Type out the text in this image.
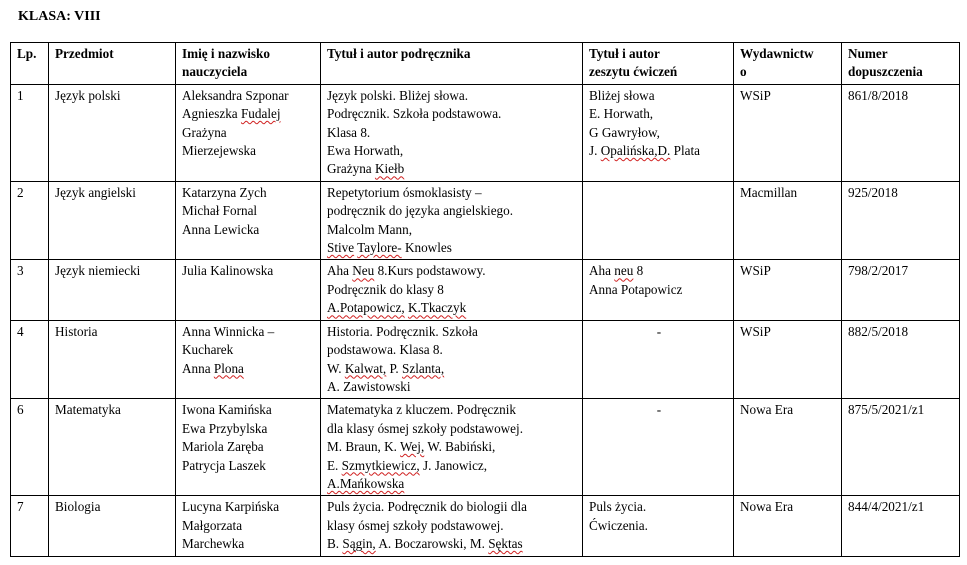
KLASA: VIII
Lp.	Przedmiot	Imię i nazwisko
nauczyciela	Tytuł i autor podręcznika	Tytuł i autor
zeszytu ćwiczeń	Wydawnictw
o	Numer
dopuszczenia

1	Język polski	Aleksandra Szponar
Agnieszka Fudalej
Grażyna
Mierzejewska	Język polski. Bliżej słowa.
Podręcznik. Szkoła podstawowa.
Klasa 8.
Ewa Horwath,
Grażyna Kiełb	Bliżej słowa
E. Horwath,
G Gawryłow,
J. Opalińska,D. Plata	WSiP	861/8/2018
2	Język angielski	Katarzyna Zych
Michał Fornal
Anna Lewicka	Repetytorium ósmoklasisty –
podręcznik do języka angielskiego.
Malcolm Mann,
Stive Taylore- Knowles		Macmillan	925/2018
3	Język niemiecki	Julia Kalinowska	Aha Neu 8.Kurs podstawowy.
Podręcznik do klasy 8
A.Potapowicz, K.Tkaczyk	Aha neu 8
Anna Potapowicz	WSiP	798/2/2017
4	Historia	Anna Winnicka –
Kucharek
Anna Plona	Historia. Podręcznik. Szkoła
podstawowa. Klasa 8.
W. Kalwat, P. Szlanta,
A. Zawistowski	-	WSiP	882/5/2018
6	Matematyka	Iwona Kamińska
Ewa Przybylska
Mariola Zaręba
Patrycja Laszek	Matematyka z kluczem. Podręcznik
dla klasy ósmej szkoły podstawowej.
M. Braun, K. Wej, W. Babiński,
E. Szmytkiewicz, J. Janowicz,
A.Mańkowska	-	Nowa Era	875/5/2021/z1
7	Biologia	Lucyna Karpińska
Małgorzata
Marchewka	Puls życia. Podręcznik do biologii dla
klasy ósmej szkoły podstawowej.
B. Sągin, A. Boczarowski, M. Sęktas	Puls życia.
Ćwiczenia.	Nowa Era	844/4/2021/z1
